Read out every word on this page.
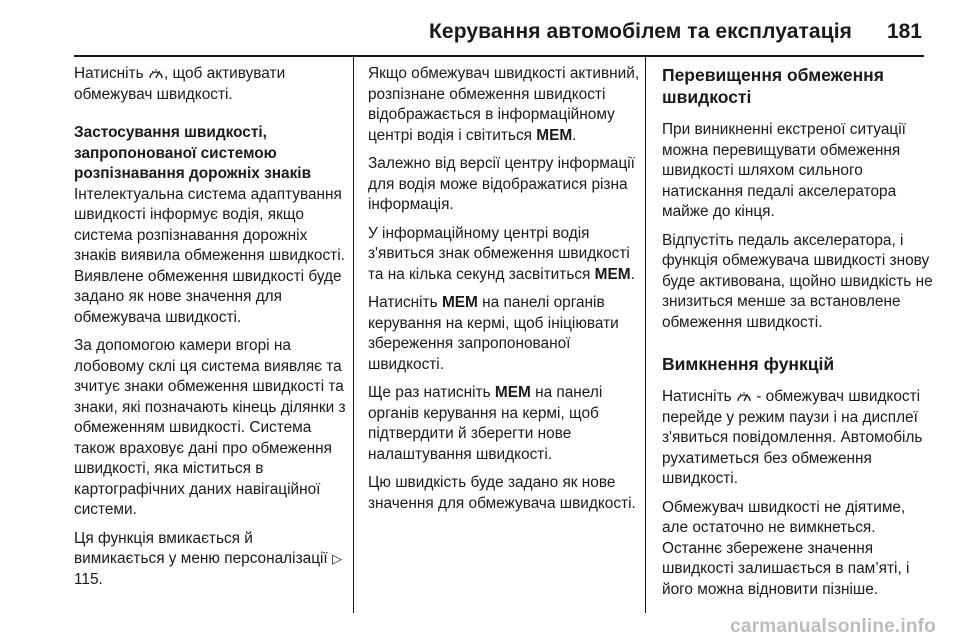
Керування автомобілем та експлуатація 181

Натисніть , щоб активувати обмежувач швидкості.

Застосування швидкості, запропонованої системою розпізнавання дорожніх знаків

Інтелектуальна система адаптування швидкості інформує водія, якщо система розпізнавання дорожніх знаків виявила обмеження швидкості. Виявлене обмеження швидкості буде задано як нове значення для обмежувача швидкості.

За допомогою камери вгорі на лобовому склі ця система виявляє та зчитує знаки обмеження швидкості та знаки, які позначають кінець ділянки з обмеженням швидкості. Система також враховує дані про обмеження швидкості, яка міститься в картографічних даних навігаційної системи.

Ця функція вмикається й вимикається у меню персоналізації ▷ 115.

Якщо обмежувач швидкості активний, розпізнане обмеження швидкості відображається в інформаційному центрі водія і світиться MEM.

Залежно від версії центру інформації для водія може відображатися різна інформація.

У інформаційному центрі водія з'явиться знак обмеження швидкості та на кілька секунд засвітиться MEM.

Натисніть MEM на панелі органів керування на кермі, щоб ініціювати збереження запропонованої швидкості.

Ще раз натисніть MEM на панелі органів керування на кермі, щоб підтвердити й зберегти нове налаштування швидкості.

Цю швидкість буде задано як нове значення для обмежувача швидкості.

Перевищення обмеження швидкості

При виникненні екстреної ситуації можна перевищувати обмеження швидкості шляхом сильного натискання педалі акселератора майже до кінця.

Відпустіть педаль акселератора, і функція обмежувача швидкості знову буде активована, щойно швидкість не знизиться менше за встановлене обмеження швидкості.

Вимкнення функцій

Натисніть - обмежувач швидкості перейде у режим паузи і на дисплеї з'явиться повідомлення. Автомобіль рухатиметься без обмеження швидкості.

Обмежувач швидкості не діятиме, але остаточно не вимкнеться. Останнє збережене значення швидкості залишається в пам’яті, і його можна відновити пізніше.

carmanualsonline.info
